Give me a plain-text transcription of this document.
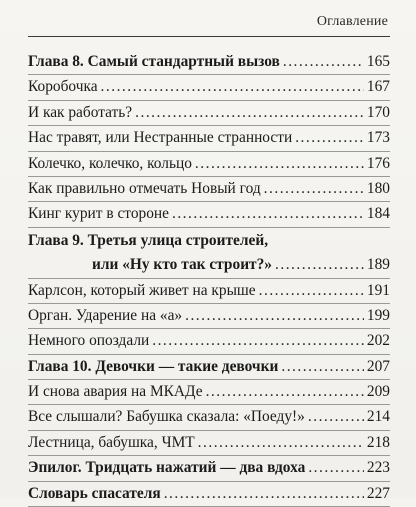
Оглавление
Глава 8. Самый стандартный вызов .....	165
Коробочка .....	167
И как работать? .....	170
Нас травят, или Нестранные странности .....	173
Колечко, колечко, кольцо .....	176
Как правильно отмечать Новый год .....	180
Кинг курит в стороне .....	184
Глава 9. Третья улица строителей,
или «Ну кто так строит?» .....	189
Карлсон, который живет на крыше .....	191
Орган. Ударение на «а» .....	199
Немного опоздали .....	202
Глава 10. Девочки — такие девочки .....	207
И снова авария на МКАДе .....	209
Все слышали? Бабушка сказала: «Поеду!» .....	214
Лестница, бабушка, ЧМТ .....	218
Эпилог. Тридцать нажатий — два вдоха .....	223
Словарь спасателя .....	227
